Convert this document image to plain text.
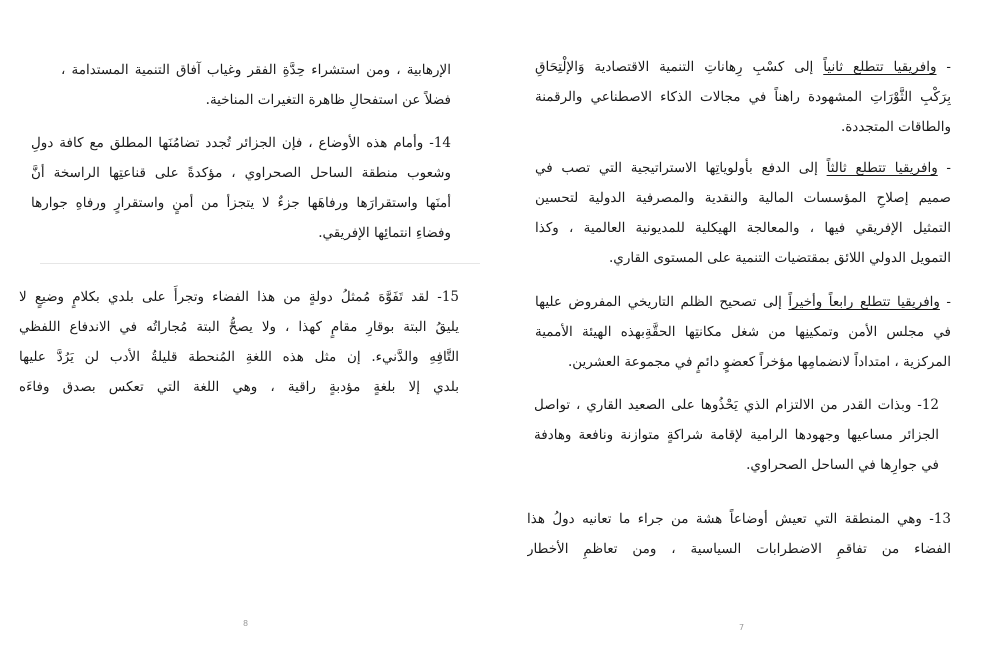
الإرهابية ، ومن استشراء حِدَّةِ الفقر وغياب آفاق التنمية المستدامة ،
فضلاً عن استفحالِ ظاهرة التغيرات المناخية.
14- وأمام هذه الأوضاع ، فإن الجزائر تُجدد تضامُنَها المطلق مع كافة دولِ
وشعوب منطقة الساحل الصحراوي ، مؤكدةً على قناعتِها الراسخة أنَّ
أمنَها واستقرارَها ورفاهَها جزءٌ لا يتجزأ من أمنٍ واستقرارٍ ورفاهِ جوارها
وفضاءِ انتمائِها الإفريقي.
15- لقد تَفَوَّهَ مُمثلُ دولةٍ من هذا الفضاء وتجرأَ على بلدي بكلامٍ وضيعٍ لا
يليقُ البتة بوقارِ مقامٍ كهذا ، ولا يصحُّ البتة مُجاراتُه في الاندفاع اللفظي
التَّافِهِ والدَّنيء. إن مثل هذه اللغةِ المُنحطة قليلةُ الأدب لن يَرُدَّ عليها
بلدي إلا بلغةٍ مؤدبةٍ راقية ، وهي اللغة التي تعكس بصدق وفاءَه
8
- وافريقيا تتطلع ثانياً إلى كسْبِ رِهاناتِ التنمية الاقتصادية وَالإلْتِحَاقِ
بِرَكْبِ الثَّوْرَاتِ المشهودة راهناً في مجالات الذكاء الاصطناعي والرقمنة
والطاقات المتجددة.
- وافريقيا تتطلع ثالثاً إلى الدفع بأولوياتِها الاستراتيجية التي تصب في
صميم إصلاحِ المؤسسات المالية والنقدية والمصرفية الدولية لتحسين
التمثيل الإفريقي فيها ، والمعالجة الهيكلية للمديونية العالمية ، وكذا
التمويل الدولي اللائق بمقتضيات التنمية على المستوى القاري.
- وافريقيا تتطلع رابعاً وأخيراً إلى تصحيح الظلم التاريخي المفروض عليها
في مجلس الأمن وتمكينِها من شغل مكانتِها الحقَّةِبهذه الهيئة الأممية
المركزية ، امتداداً لانضمامِها مؤخراً كعضوٍ دائمٍ في مجموعة العشرين.
12- وبذات القدر من الالتزام الذي يَحْذُوها على الصعيد القاري ، تواصل
الجزائر مساعيها وجهودها الرامية لإقامة شراكةٍ متوازنة ونافعة وهادفة
في جوارِها في الساحل الصحراوي.
13- وهي المنطقة التي تعيش أوضاعاً هشة من جراء ما تعانيه دولُ هذا
الفضاء من تفاقمِ الاضطرابات السياسية ، ومن تعاظمِ الأخطار
7
